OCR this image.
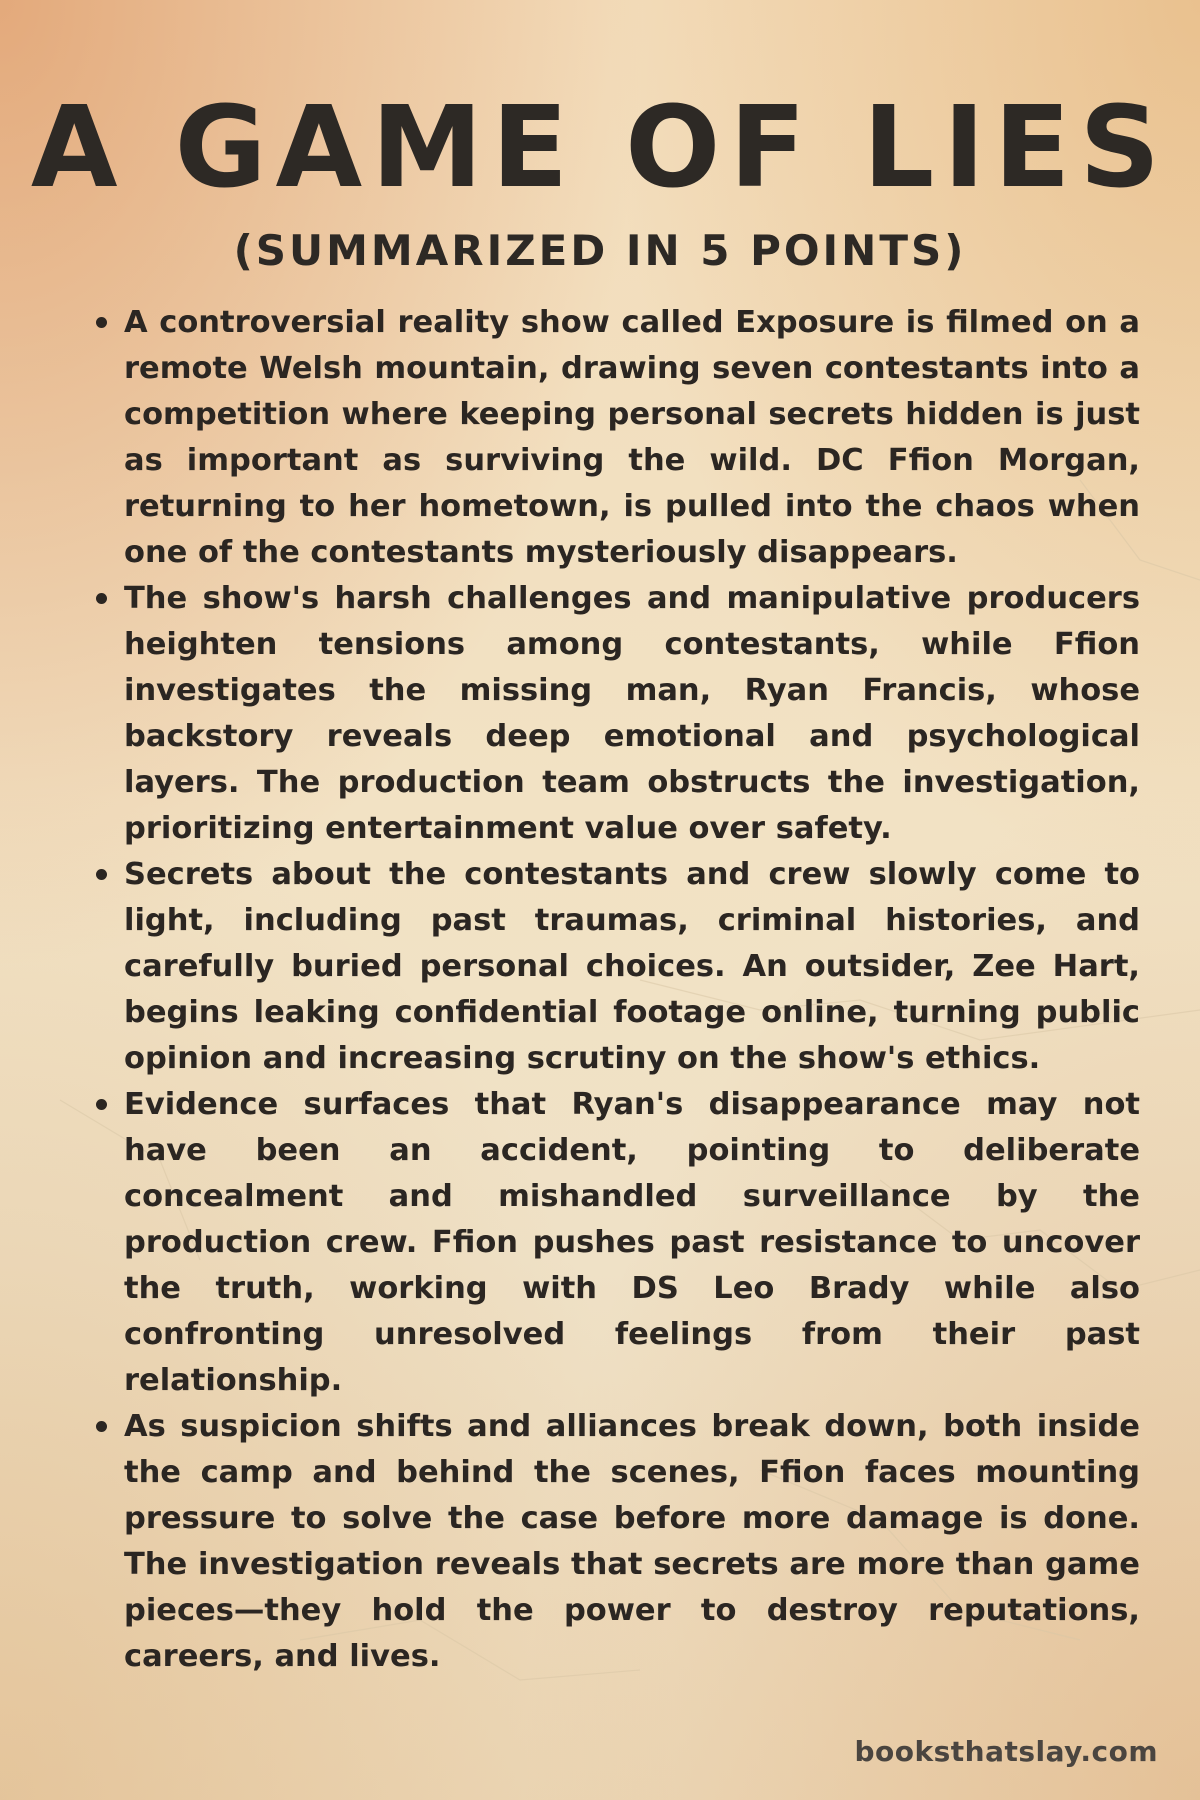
A GAME OF LIES
(SUMMARIZED IN 5 POINTS)
A controversial reality show called Exposure is filmed on a remote Welsh mountain, drawing seven contestants into a competition where keeping personal secrets hidden is just as important as surviving the wild. DC Ffion Morgan, returning to her hometown, is pulled into the chaos when one of the contestants mysteriously disappears.
The show's harsh challenges and manipulative producers heighten tensions among contestants, while Ffion investigates the missing man, Ryan Francis, whose backstory reveals deep emotional and psychological layers. The production team obstructs the investigation, prioritizing entertainment value over safety.
Secrets about the contestants and crew slowly come to light, including past traumas, criminal histories, and carefully buried personal choices. An outsider, Zee Hart, begins leaking confidential footage online, turning public opinion and increasing scrutiny on the show's ethics.
Evidence surfaces that Ryan's disappearance may not have been an accident, pointing to deliberate concealment and mishandled surveillance by the production crew. Ffion pushes past resistance to uncover the truth, working with DS Leo Brady while also confronting unresolved feelings from their past relationship.
As suspicion shifts and alliances break down, both inside the camp and behind the scenes, Ffion faces mounting pressure to solve the case before more damage is done. The investigation reveals that secrets are more than game pieces—they hold the power to destroy reputations, careers, and lives.

booksthatslay.com
